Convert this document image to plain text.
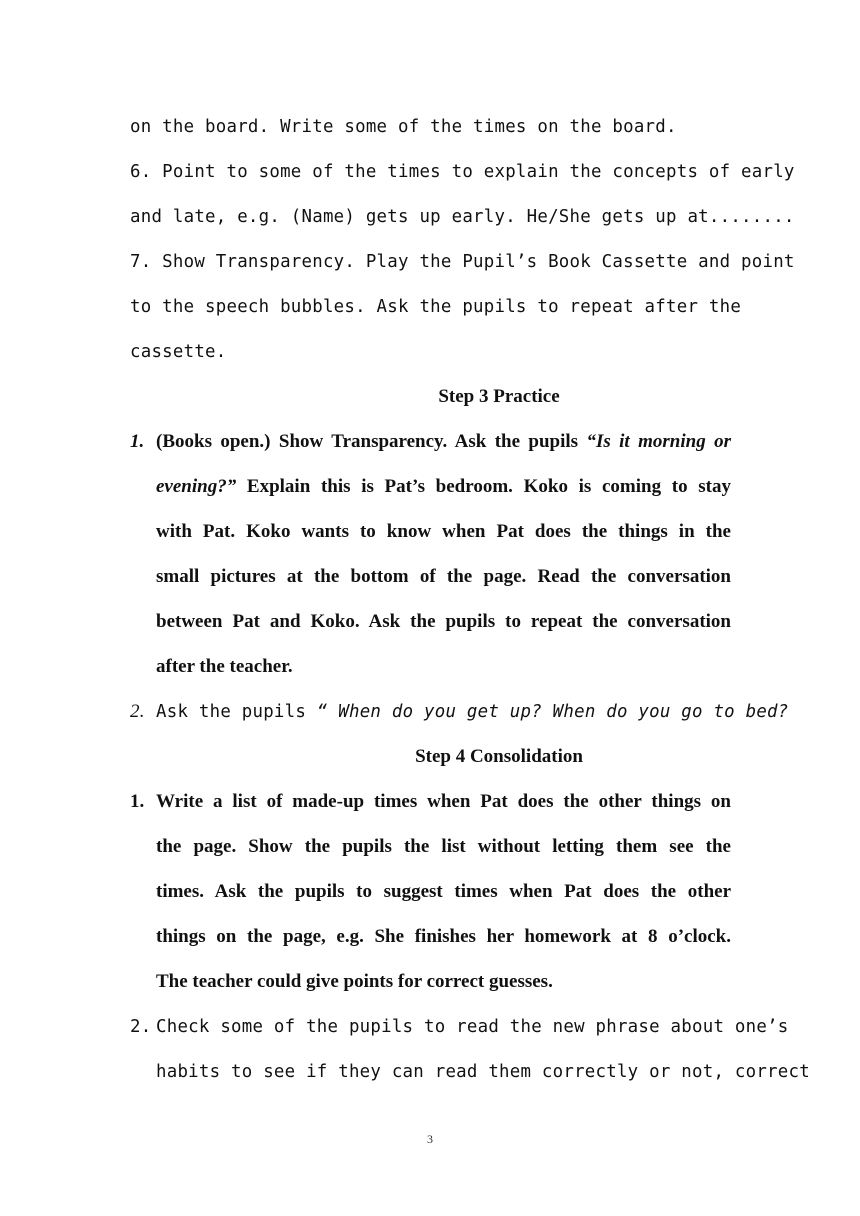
on the board. Write some of the times on the board.
6. Point to some of the times to explain the concepts of early
and late, e.g. (Name) gets up early. He/She gets up at........
7. Show Transparency. Play the Pupil’s Book Cassette and point
to the speech bubbles. Ask the pupils to repeat after the
cassette.
Step 3 Practice
1. (Books open.) Show Transparency. Ask the pupils “Is it morning or
evening?” Explain this is Pat’s bedroom. Koko is coming to stay
with Pat. Koko wants to know when Pat does the things in the
small pictures at the bottom of the page. Read the conversation
between Pat and Koko. Ask the pupils to repeat the conversation
after the teacher.
2. Ask the pupils “ When do you get up? When do you go to bed?
Step 4 Consolidation
1. Write a list of made-up times when Pat does the other things on
the page. Show the pupils the list without letting them see the
times. Ask the pupils to suggest times when Pat does the other
things on the page, e.g. She finishes her homework at 8 o’clock.
The teacher could give points for correct guesses.
2. Check some of the pupils to read the new phrase about one’s
habits to see if they can read them correctly or not, correct
3
